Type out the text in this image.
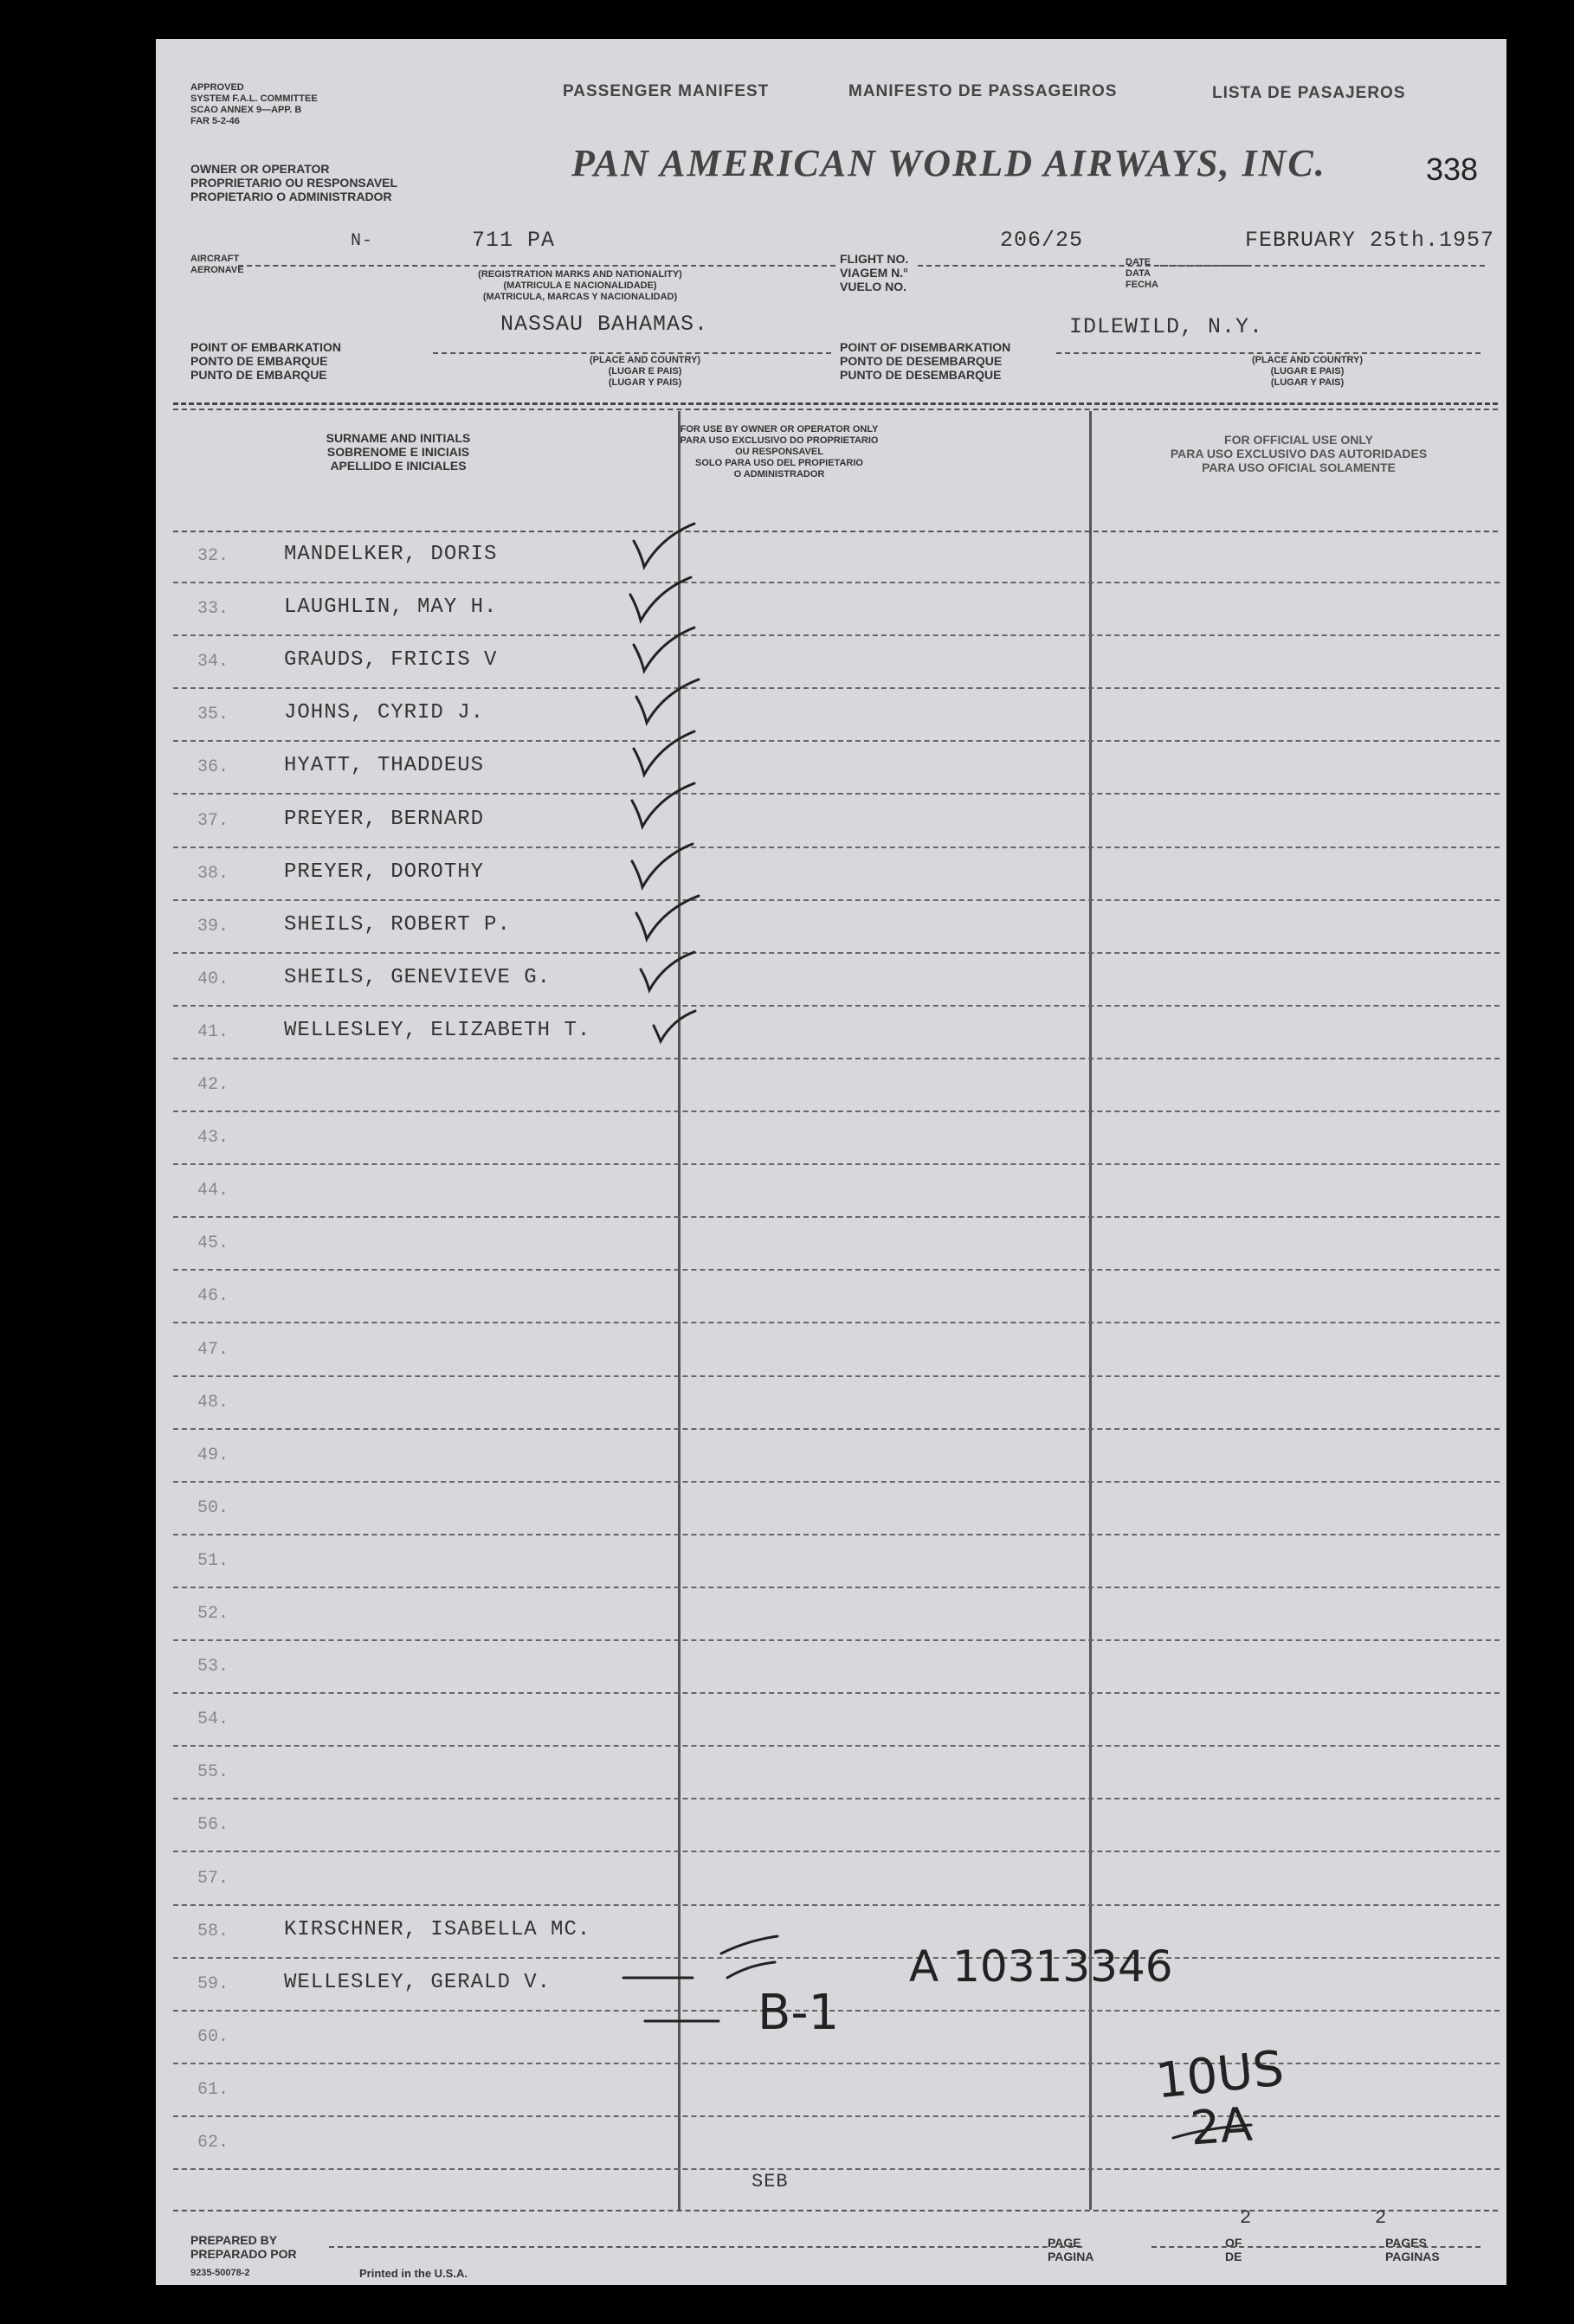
APPROVED
SYSTEM F.A.L. COMMITTEE
SCAO ANNEX 9—APP. B
FAR 5-2-46
PASSENGER MANIFEST	MANIFESTO DE PASSAGEIROS	LISTA DE PASAJEROS
OWNER OR OPERATOR
PROPRIETARIO OU RESPONSAVEL
PROPIETARIO O ADMINISTRADOR
PAN AMERICAN WORLD AIRWAYS, INC.	338
AIRCRAFT
AERONAVE
N-	711 PA
(REGISTRATION MARKS AND NATIONALITY)
(MATRICULA E NACIONALIDADE)
(MATRICULA, MARCAS Y NACIONALIDAD)
FLIGHT NO.
VIAGEM N.°
VUELO NO.
206/25
DATE
DATA
FECHA
FEBRUARY 25th.1957
NASSAU BAHAMAS.
POINT OF EMBARKATION
PONTO DE EMBARQUE
PUNTO DE EMBARQUE
(PLACE AND COUNTRY)
(LUGAR E PAIS)
(LUGAR Y PAIS)
POINT OF DISEMBARKATION
PONTO DE DESEMBARQUE
PUNTO DE DESEMBARQUE
IDLEWILD, N.Y.
(PLACE AND COUNTRY)
(LUGAR E PAIS)
(LUGAR Y PAIS)
SURNAME AND INITIALS
SOBRENOME E INICIAIS
APELLIDO E INICIALES
FOR USE BY OWNER OR OPERATOR ONLY
PARA USO EXCLUSIVO DO PROPRIETARIO
OU RESPONSAVEL
SOLO PARA USO DEL PROPIETARIO
O ADMINISTRADOR
FOR OFFICIAL USE ONLY
PARA USO EXCLUSIVO DAS AUTORIDADES
PARA USO OFICIAL SOLAMENTE
32.	MANDELKER, DORIS
33.	LAUGHLIN, MAY H.
34.	GRAUDS, FRICIS V
35.	JOHNS, CYRID J.
36.	HYATT, THADDEUS
37.	PREYER, BERNARD
38.	PREYER, DOROTHY
39.	SHEILS, ROBERT P.
40.	SHEILS, GENEVIEVE G.
41.	WELLESLEY, ELIZABETH T.
42.
43.
44.
45.
46.
47.
48.
49.
50.
51.
52.
53.
54.
55.
56.
57.
58.	KIRSCHNER, ISABELLA MC.
59.	WELLESLEY, GERALD V.
60.
61.
62.
A 10313346
B-1
10US
2A
SEB
PREPARED BY
PREPARADO POR
9235-50078-2	Printed in the U.S.A.
PAGE
PAGINA
2
OF
DE
2
PAGES
PAGINAS
